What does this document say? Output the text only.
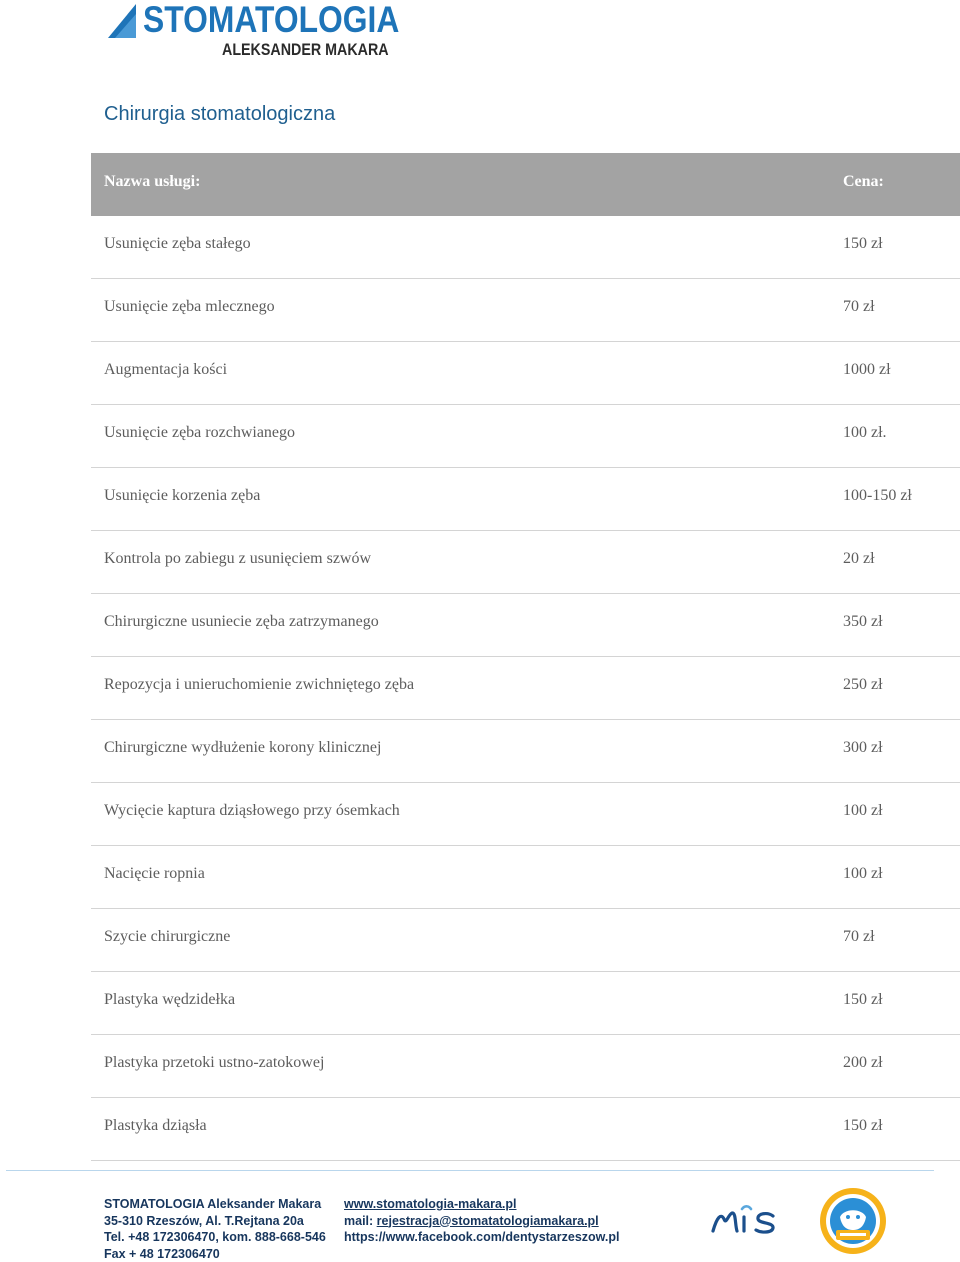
STOMATOLOGIA
ALEKSANDER MAKARA
Chirurgia stomatologiczna
Nazwa usługi:	Cena:
Usunięcie zęba stałego	150 zł
Usunięcie zęba mlecznego	70 zł
Augmentacja kości	1000 zł
Usunięcie zęba rozchwianego	100 zł.
Usunięcie korzenia zęba	100-150 zł
Kontrola po zabiegu z usunięciem szwów	20 zł
Chirurgiczne usuniecie zęba zatrzymanego	350 zł
Repozycja i unieruchomienie zwichniętego zęba	250 zł
Chirurgiczne wydłużenie korony klinicznej	300 zł
Wycięcie kaptura dziąsłowego przy ósemkach	100 zł
Nacięcie ropnia	100 zł
Szycie chirurgiczne	70 zł
Plastyka wędzidełka	150 zł
Plastyka przetoki ustno-zatokowej	200 zł
Plastyka dziąsła	150 zł
STOMATOLOGIA Aleksander Makara
35-310 Rzeszów, Al. T.Rejtana 20a
Tel. +48 172306470, kom. 888-668-546
Fax + 48 172306470
www.stomatologia-makara.pl
mail: rejestracja@stomatatologiamakara.pl
https://www.facebook.com/dentystarzeszow.pl
